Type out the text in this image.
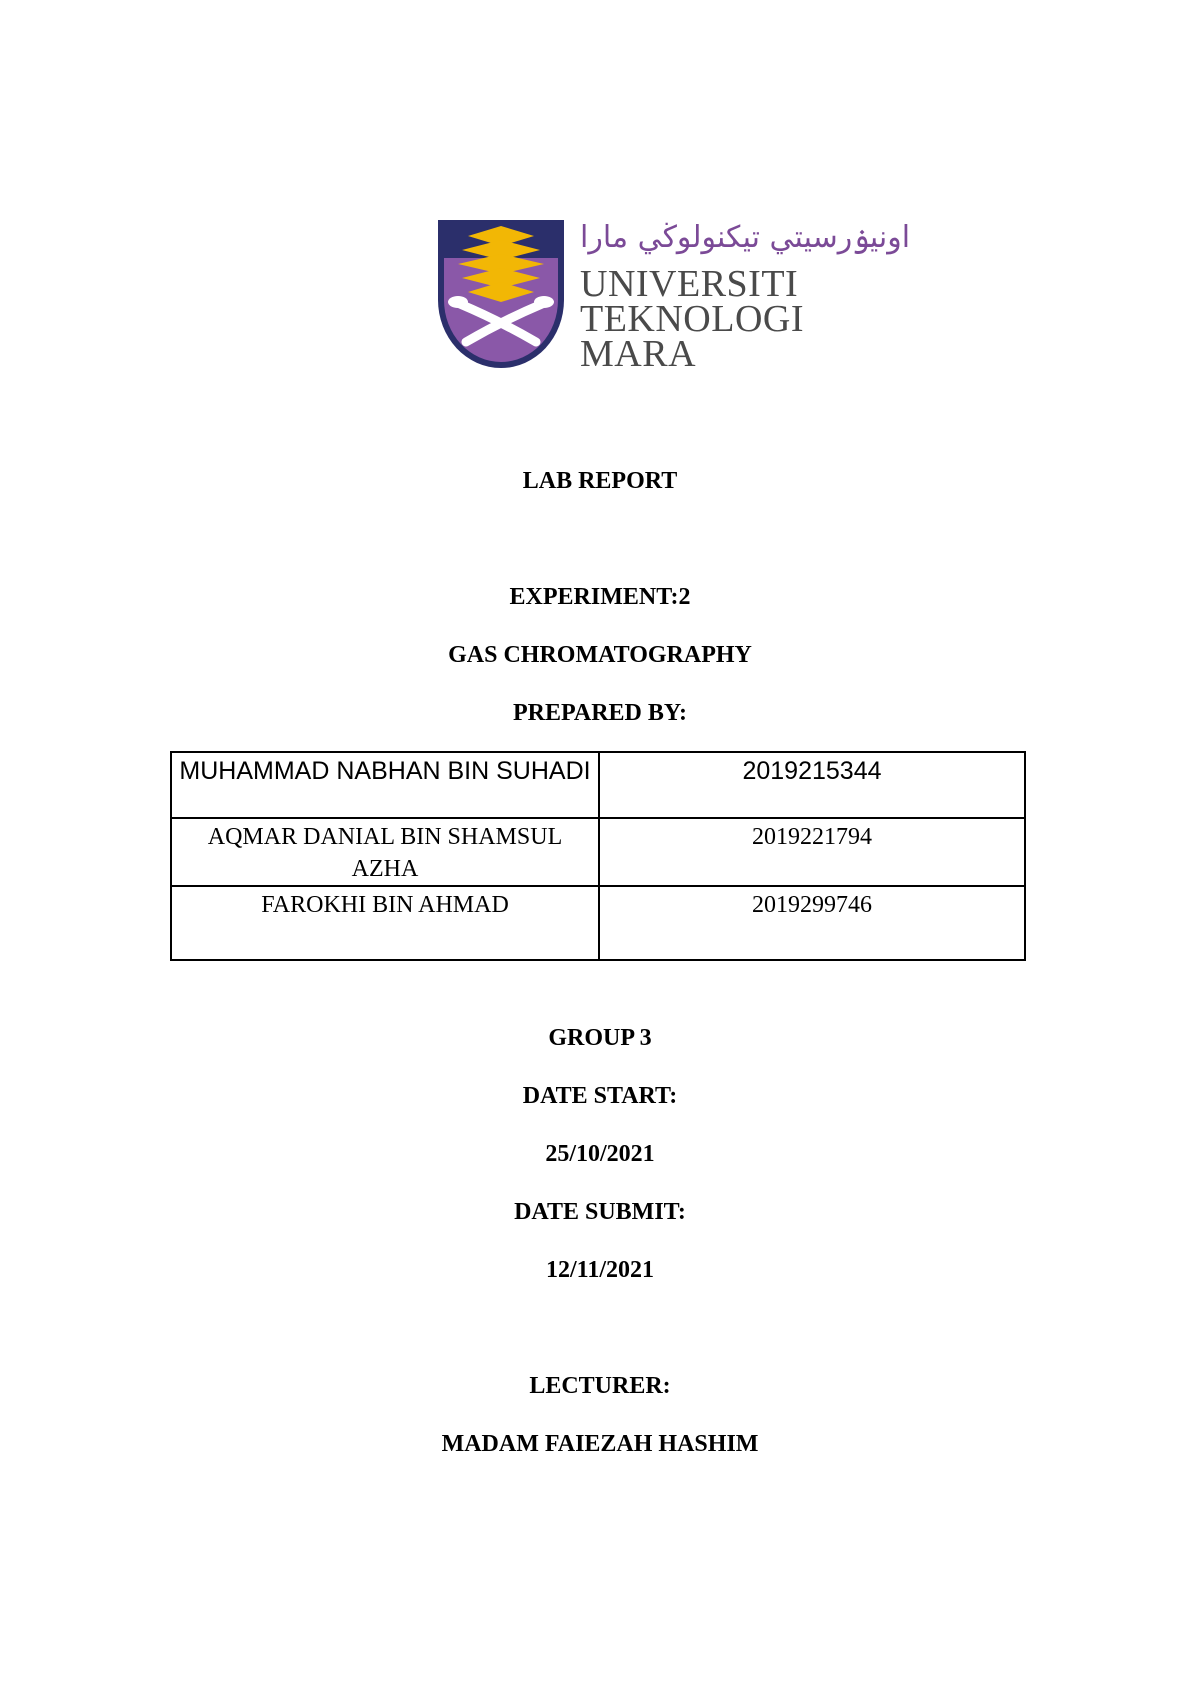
اونيۏرسيتي تيكنولوڬي مارا
UNIVERSITI
TEKNOLOGI
MARA
LAB REPORT
EXPERIMENT:2
GAS CHROMATOGRAPHY
PREPARED BY:
MUHAMMAD NABHAN BIN SUHADI	2019215344
AQMAR DANIAL BIN SHAMSUL AZHA	2019221794
FAROKHI BIN AHMAD	2019299746
GROUP 3
DATE START:
25/10/2021
DATE SUBMIT:
12/11/2021
LECTURER:
MADAM FAIEZAH HASHIM
